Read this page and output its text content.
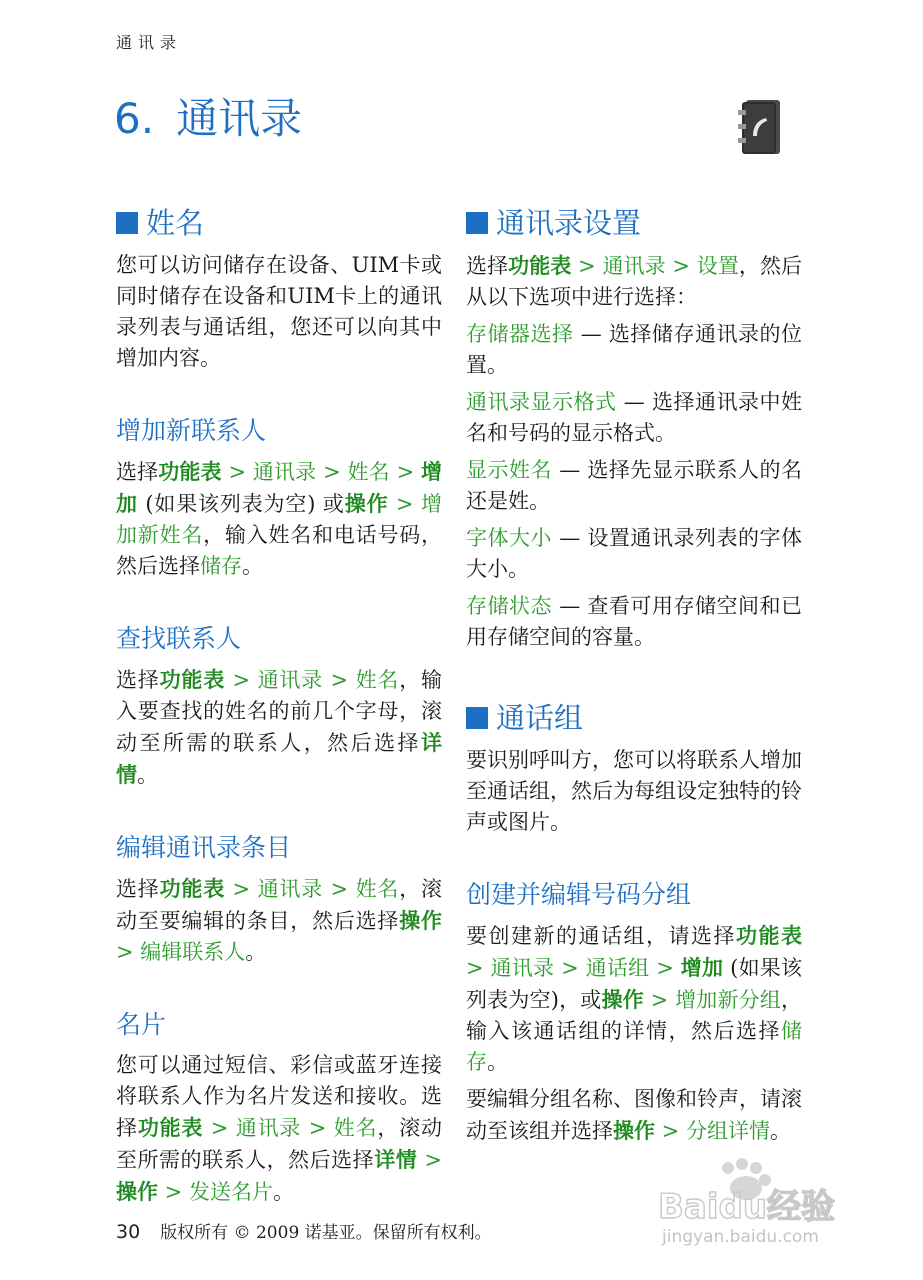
通讯录
6. 通讯录
姓名

您可以访问储存在设备、UIM卡或同时储存在设备和UIM卡上的通讯录列表与通话组，您还可以向其中增加内容。

增加新联系人

选择功能表 > 通讯录 > 姓名 > 增加 (如果该列表为空) 或操作 > 增加新姓名，输入姓名和电话号码，然后选择储存。

查找联系人

选择功能表 > 通讯录 > 姓名，输入要查找的姓名的前几个字母，滚动至所需的联系人，然后选择详情。

编辑通讯录条目

选择功能表 > 通讯录 > 姓名，滚动至要编辑的条目，然后选择操作 > 编辑联系人。

名片

您可以通过短信、彩信或蓝牙连接将联系人作为名片发送和接收。选择功能表 > 通讯录 > 姓名，滚动至所需的联系人，然后选择详情 > 操作 > 发送名片。

通讯录设置

选择功能表 > 通讯录 > 设置，然后从以下选项中进行选择：

存储器选择 — 选择储存通讯录的位置。

通讯录显示格式 — 选择通讯录中姓名和号码的显示格式。

显示姓名 — 选择先显示联系人的名还是姓。

字体大小 — 设置通讯录列表的字体大小。

存储状态 — 查看可用存储空间和已用存储空间的容量。

通话组

要识别呼叫方，您可以将联系人增加至通话组，然后为每组设定独特的铃声或图片。

创建并编辑号码分组

要创建新的通话组，请选择功能表 > 通讯录 > 通话组 > 增加 (如果该列表为空)，或操作 > 增加新分组，输入该通话组的详情，然后选择储存。

要编辑分组名称、图像和铃声，请滚动至该组并选择操作 > 分组详情。

Baidu经验
jingyan.baidu.com
30 版权所有 © 2009 诺基亚。保留所有权利。
